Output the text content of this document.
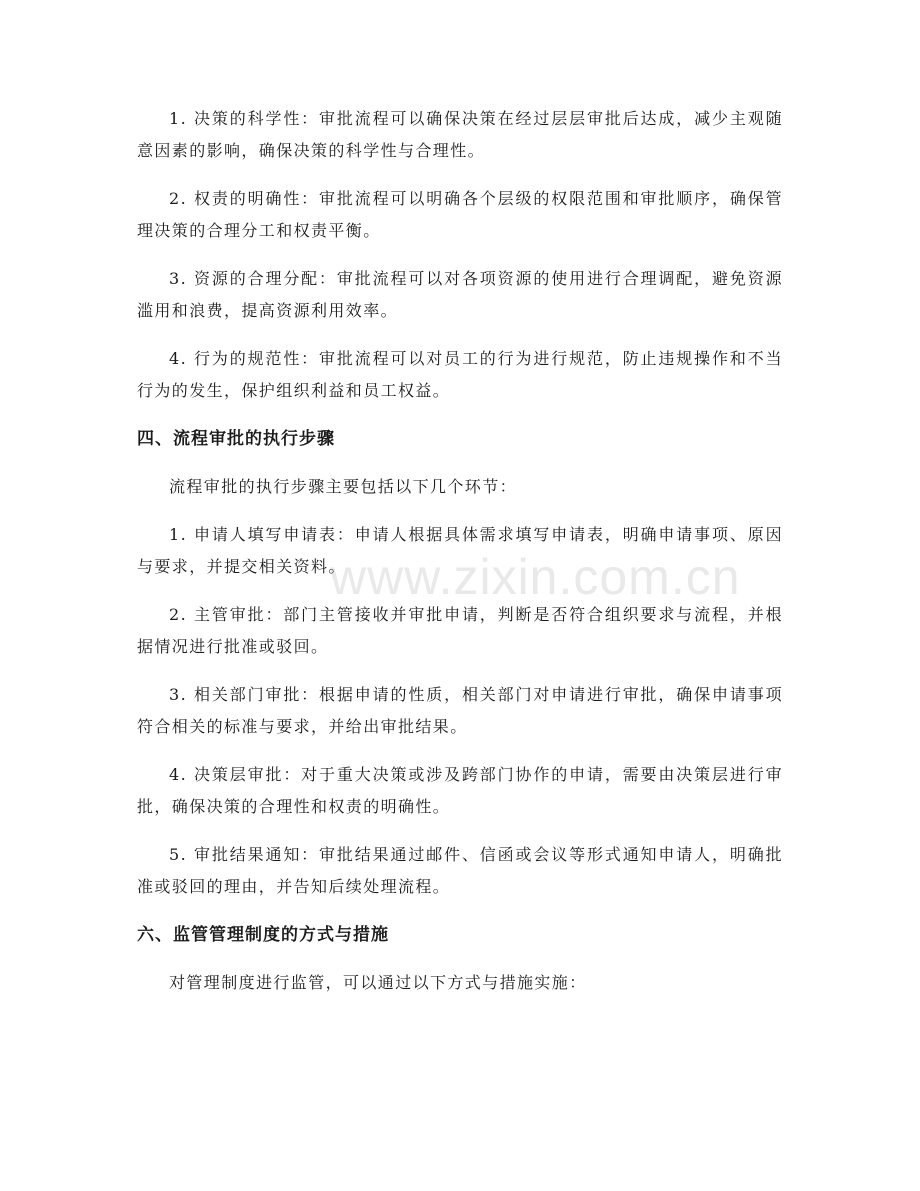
www.zixin.com.cn

1. 决策的科学性：审批流程可以确保决策在经过层层审批后达成，减少主观随意因素的影响，确保决策的科学性与合理性。

2. 权责的明确性：审批流程可以明确各个层级的权限范围和审批顺序，确保管理决策的合理分工和权责平衡。

3. 资源的合理分配：审批流程可以对各项资源的使用进行合理调配，避免资源滥用和浪费，提高资源利用效率。

4. 行为的规范性：审批流程可以对员工的行为进行规范，防止违规操作和不当行为的发生，保护组织利益和员工权益。

四、流程审批的执行步骤

流程审批的执行步骤主要包括以下几个环节：

1. 申请人填写申请表：申请人根据具体需求填写申请表，明确申请事项、原因与要求，并提交相关资料。

2. 主管审批：部门主管接收并审批申请，判断是否符合组织要求与流程，并根据情况进行批准或驳回。

3. 相关部门审批：根据申请的性质，相关部门对申请进行审批，确保申请事项符合相关的标准与要求，并给出审批结果。

4. 决策层审批：对于重大决策或涉及跨部门协作的申请，需要由决策层进行审批，确保决策的合理性和权责的明确性。

5. 审批结果通知：审批结果通过邮件、信函或会议等形式通知申请人，明确批准或驳回的理由，并告知后续处理流程。

六、监管管理制度的方式与措施

对管理制度进行监管，可以通过以下方式与措施实施：
